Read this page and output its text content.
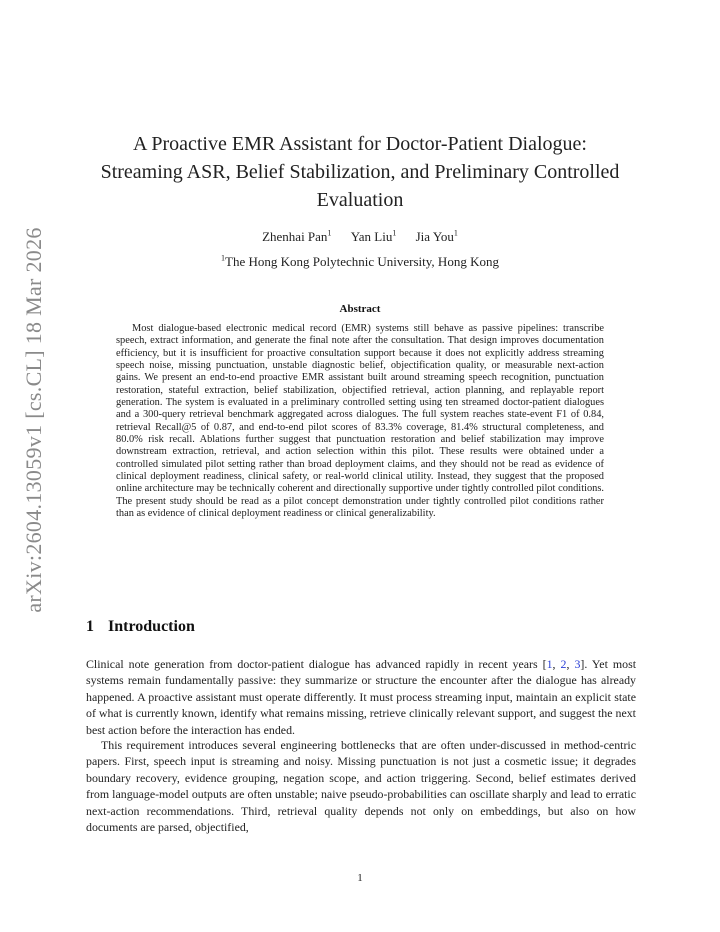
arXiv:2604.13059v1 [cs.CL] 18 Mar 2026
A Proactive EMR Assistant for Doctor-Patient Dialogue:
Streaming ASR, Belief Stabilization, and Preliminary Controlled
Evaluation
Zhenhai Pan$^1$ Yan Liu$^1$ Jia You$^1$
$^1$The Hong Kong Polytechnic University, Hong Kong
Abstract

Most dialogue-based electronic medical record (EMR) systems still behave as passive pipelines: transcribe speech, extract information, and generate the final note after the consultation. That design improves documentation efficiency, but it is insufficient for proactive consultation support because it does not explicitly address streaming speech noise, missing punctuation, unstable diagnostic belief, objectification quality, or measurable next-action gains. We present an end-to-end proactive EMR assistant built around streaming speech recognition, punctuation restoration, stateful extraction, belief stabilization, objectified retrieval, action planning, and replayable report generation. The system is evaluated in a preliminary controlled setting using ten streamed doctor-patient dialogues and a 300-query retrieval benchmark aggregated across dialogues. The full system reaches state-event F1 of 0.84, retrieval Recall@5 of 0.87, and end-to-end pilot scores of 83.3% coverage, 81.4% structural completeness, and 80.0% risk recall. Ablations further suggest that punctuation restoration and belief stabilization may improve downstream extraction, retrieval, and action selection within this pilot. These results were obtained under a controlled simulated pilot setting rather than broad deployment claims, and they should not be read as evidence of clinical deployment readiness, clinical safety, or real-world clinical utility. Instead, they suggest that the proposed online architecture may be technically coherent and directionally supportive under tightly controlled pilot conditions. The present study should be read as a pilot concept demonstration under tightly controlled pilot conditions rather than as evidence of clinical deployment readiness or clinical generalizability.

1 Introduction

Clinical note generation from doctor-patient dialogue has advanced rapidly in recent years [1, 2, 3]. Yet most systems remain fundamentally passive: they summarize or structure the encounter after the dialogue has already happened. A proactive assistant must operate differently. It must process streaming input, maintain an explicit state of what is currently known, identify what remains missing, retrieve clinically relevant support, and suggest the next best action before the interaction has ended.

This requirement introduces several engineering bottlenecks that are often under-discussed in method-centric papers. First, speech input is streaming and noisy. Missing punctuation is not just a cosmetic issue; it degrades boundary recovery, evidence grouping, negation scope, and action triggering. Second, belief estimates derived from language-model outputs are often unstable; naive pseudo-probabilities can oscillate sharply and lead to erratic next-action recommendations. Third, retrieval quality depends not only on embeddings, but also on how documents are parsed, objectified,

1
